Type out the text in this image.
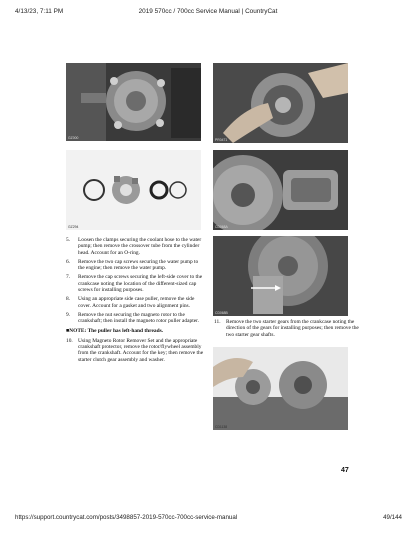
4/13/23, 7:11 PM	2019 570cc / 700cc Service Manual | CountryCat
GZ000
GZ294
PR0471
CD068A
CD068B
CD1138
5. Loosen the clamps securing the coolant hose to the water pump; then remove the crossover tube from the cylinder head. Account for an O-ring.
6. Remove the two cap screws securing the water pump to the engine; then remove the water pump.
7. Remove the cap screws securing the left-side cover to the crankcase noting the location of the different-sized cap screws for installing purposes.
8. Using an appropriate side case puller, remove the side cover. Account for a gasket and two alignment pins.
9. Remove the nut securing the magneto rotor to the crankshaft; then install the magneto rotor puller adapter.
■NOTE: The puller has left-hand threads.
10. Using Magneto Rotor Remover Set and the appropriate crankshaft protector, remove the rotor/flywheel assembly from the crankshaft. Account for the key; then remove the starter clutch gear assembly and washer.
11. Remove the two starter gears from the crankcase noting the direction of the gears for installing purposes; then remove the two starter gear shafts.
47
https://support.countrycat.com/posts/3498857-2019-570cc-700cc-service-manual	49/144
